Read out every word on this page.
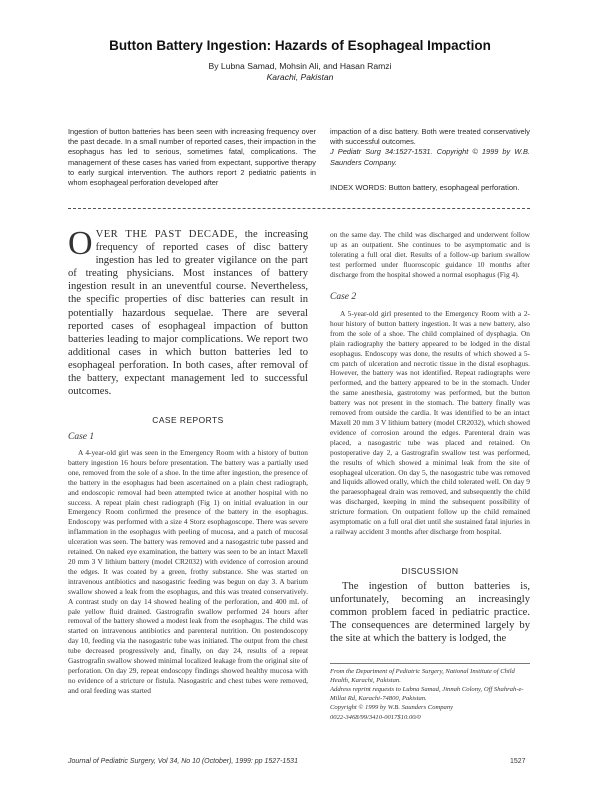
Button Battery Ingestion: Hazards of Esophageal Impaction
By Lubna Samad, Mohsin Ali, and Hasan Ramzi
Karachi, Pakistan
Ingestion of button batteries has been seen with increasing frequency over the past decade. In a small number of reported cases, their impaction in the esophagus has led to serious, sometimes fatal, complications. The management of these cases has varied from expectant, supportive therapy to early surgical intervention. The authors report 2 pediatric patients in whom esophageal perforation developed after
impaction of a disc battery. Both were treated conservatively with successful outcomes.
J Pediatr Surg 34:1527-1531. Copyright © 1999 by W.B. Saunders Company.
INDEX WORDS: Button battery, esophageal perforation.

OVER THE PAST DECADE, the increasing frequency of reported cases of disc battery ingestion has led to greater vigilance on the part of treating physicians. Most instances of battery ingestion result in an uneventful course. Nevertheless, the specific properties of disc batteries can result in potentially hazardous sequelae. There are several reported cases of esophageal impaction of button batteries leading to major complications. We report two additional cases in which button batteries led to esophageal perforation. In both cases, after removal of the battery, expectant management led to successful outcomes.

CASE REPORTS
Case 1
A 4-year-old girl was seen in the Emergency Room with a history of button battery ingestion 16 hours before presentation. The battery was a partially used one, removed from the sole of a shoe. In the time after ingestion, the presence of the battery in the esophagus had been ascertained on a plain chest radiograph, and endoscopic removal had been attempted twice at another hospital with no success. A repeat plain chest radiograph (Fig 1) on initial evaluation in our Emergency Room confirmed the presence of the battery in the esophagus. Endoscopy was performed with a size 4 Storz esophagoscope. There was severe inflammation in the esophagus with peeling of mucosa, and a patch of mucosal ulceration was seen. The battery was removed and a nasogastric tube passed and retained. On naked eye examination, the battery was seen to be an intact Maxell 20 mm 3 V lithium battery (model CR2032) with evidence of corrosion around the edges. It was coated by a green, frothy substance. She was started on intravenous antibiotics and nasogastric feeding was begun on day 3. A barium swallow showed a leak from the esophagus, and this was treated conservatively. A contrast study on day 14 showed healing of the perforation, and 400 mL of pale yellow fluid drained. Gastrografin swallow performed 24 hours after removal of the battery showed a modest leak from the esophagus. The child was started on intravenous antibiotics and parenteral nutrition. On postendoscopy day 10, feeding via the nasogastric tube was initiated. The output from the chest tube decreased progressively and, finally, on day 24, results of a repeat Gastrografin swallow showed minimal localized leakage from the original site of perforation. On day 29, repeat endoscopy findings showed healthy mucosa with no evidence of a stricture or fistula. Nasogastric and chest tubes were removed, and oral feeding was started
on the same day. The child was discharged and underwent follow up as an outpatient. She continues to be asymptomatic and is tolerating a full oral diet. Results of a follow-up barium swallow test performed under fluoroscopic guidance 10 months after discharge from the hospital showed a normal esophagus (Fig 4).
Case 2
A 5-year-old girl presented to the Emergency Room with a 2-hour history of button battery ingestion. It was a new battery, also from the sole of a shoe. The child complained of dysphagia. On plain radiography the battery appeared to be lodged in the distal esophagus. Endoscopy was done, the results of which showed a 5-cm patch of ulceration and necrotic tissue in the distal esophagus. However, the battery was not identified. Repeat radiographs were performed, and the battery appeared to be in the stomach. Under the same anesthesia, gastrotomy was performed, but the button battery was not present in the stomach. The battery finally was removed from outside the cardia. It was identified to be an intact Maxell 20 mm 3 V lithium battery (model CR2032), which showed evidence of corrosion around the edges. Parenteral drain was placed, a nasogastric tube was placed and retained. On postoperative day 2, a Gastrografin swallow test was performed, the results of which showed a minimal leak from the site of esophageal ulceration. On day 5, the nasogastric tube was removed and liquids allowed orally, which the child tolerated well. On day 9 the paraesophageal drain was removed, and subsequently the child was discharged, keeping in mind the subsequent possibility of stricture formation. On outpatient follow up the child remained asymptomatic on a full oral diet until she sustained fatal injuries in a railway accident 3 months after discharge from hospital.
DISCUSSION

The ingestion of button batteries is, unfortunately, becoming an increasingly common problem faced in pediatric practice. The consequences are determined largely by the site at which the battery is lodged, the

From the Department of Pediatric Surgery, National Institute of Child Health, Karachi, Pakistan.

Address reprint requests to Lubna Samad, Jinnah Colony, Off Shahrah-e-Millat Rd, Karachi-74800, Pakistan.

Copyright © 1999 by W.B. Saunders Company

0022-3468/99/3410-0017$10.00/0

Journal of Pediatric Surgery, Vol 34, No 10 (October), 1999: pp 1527-1531	1527
